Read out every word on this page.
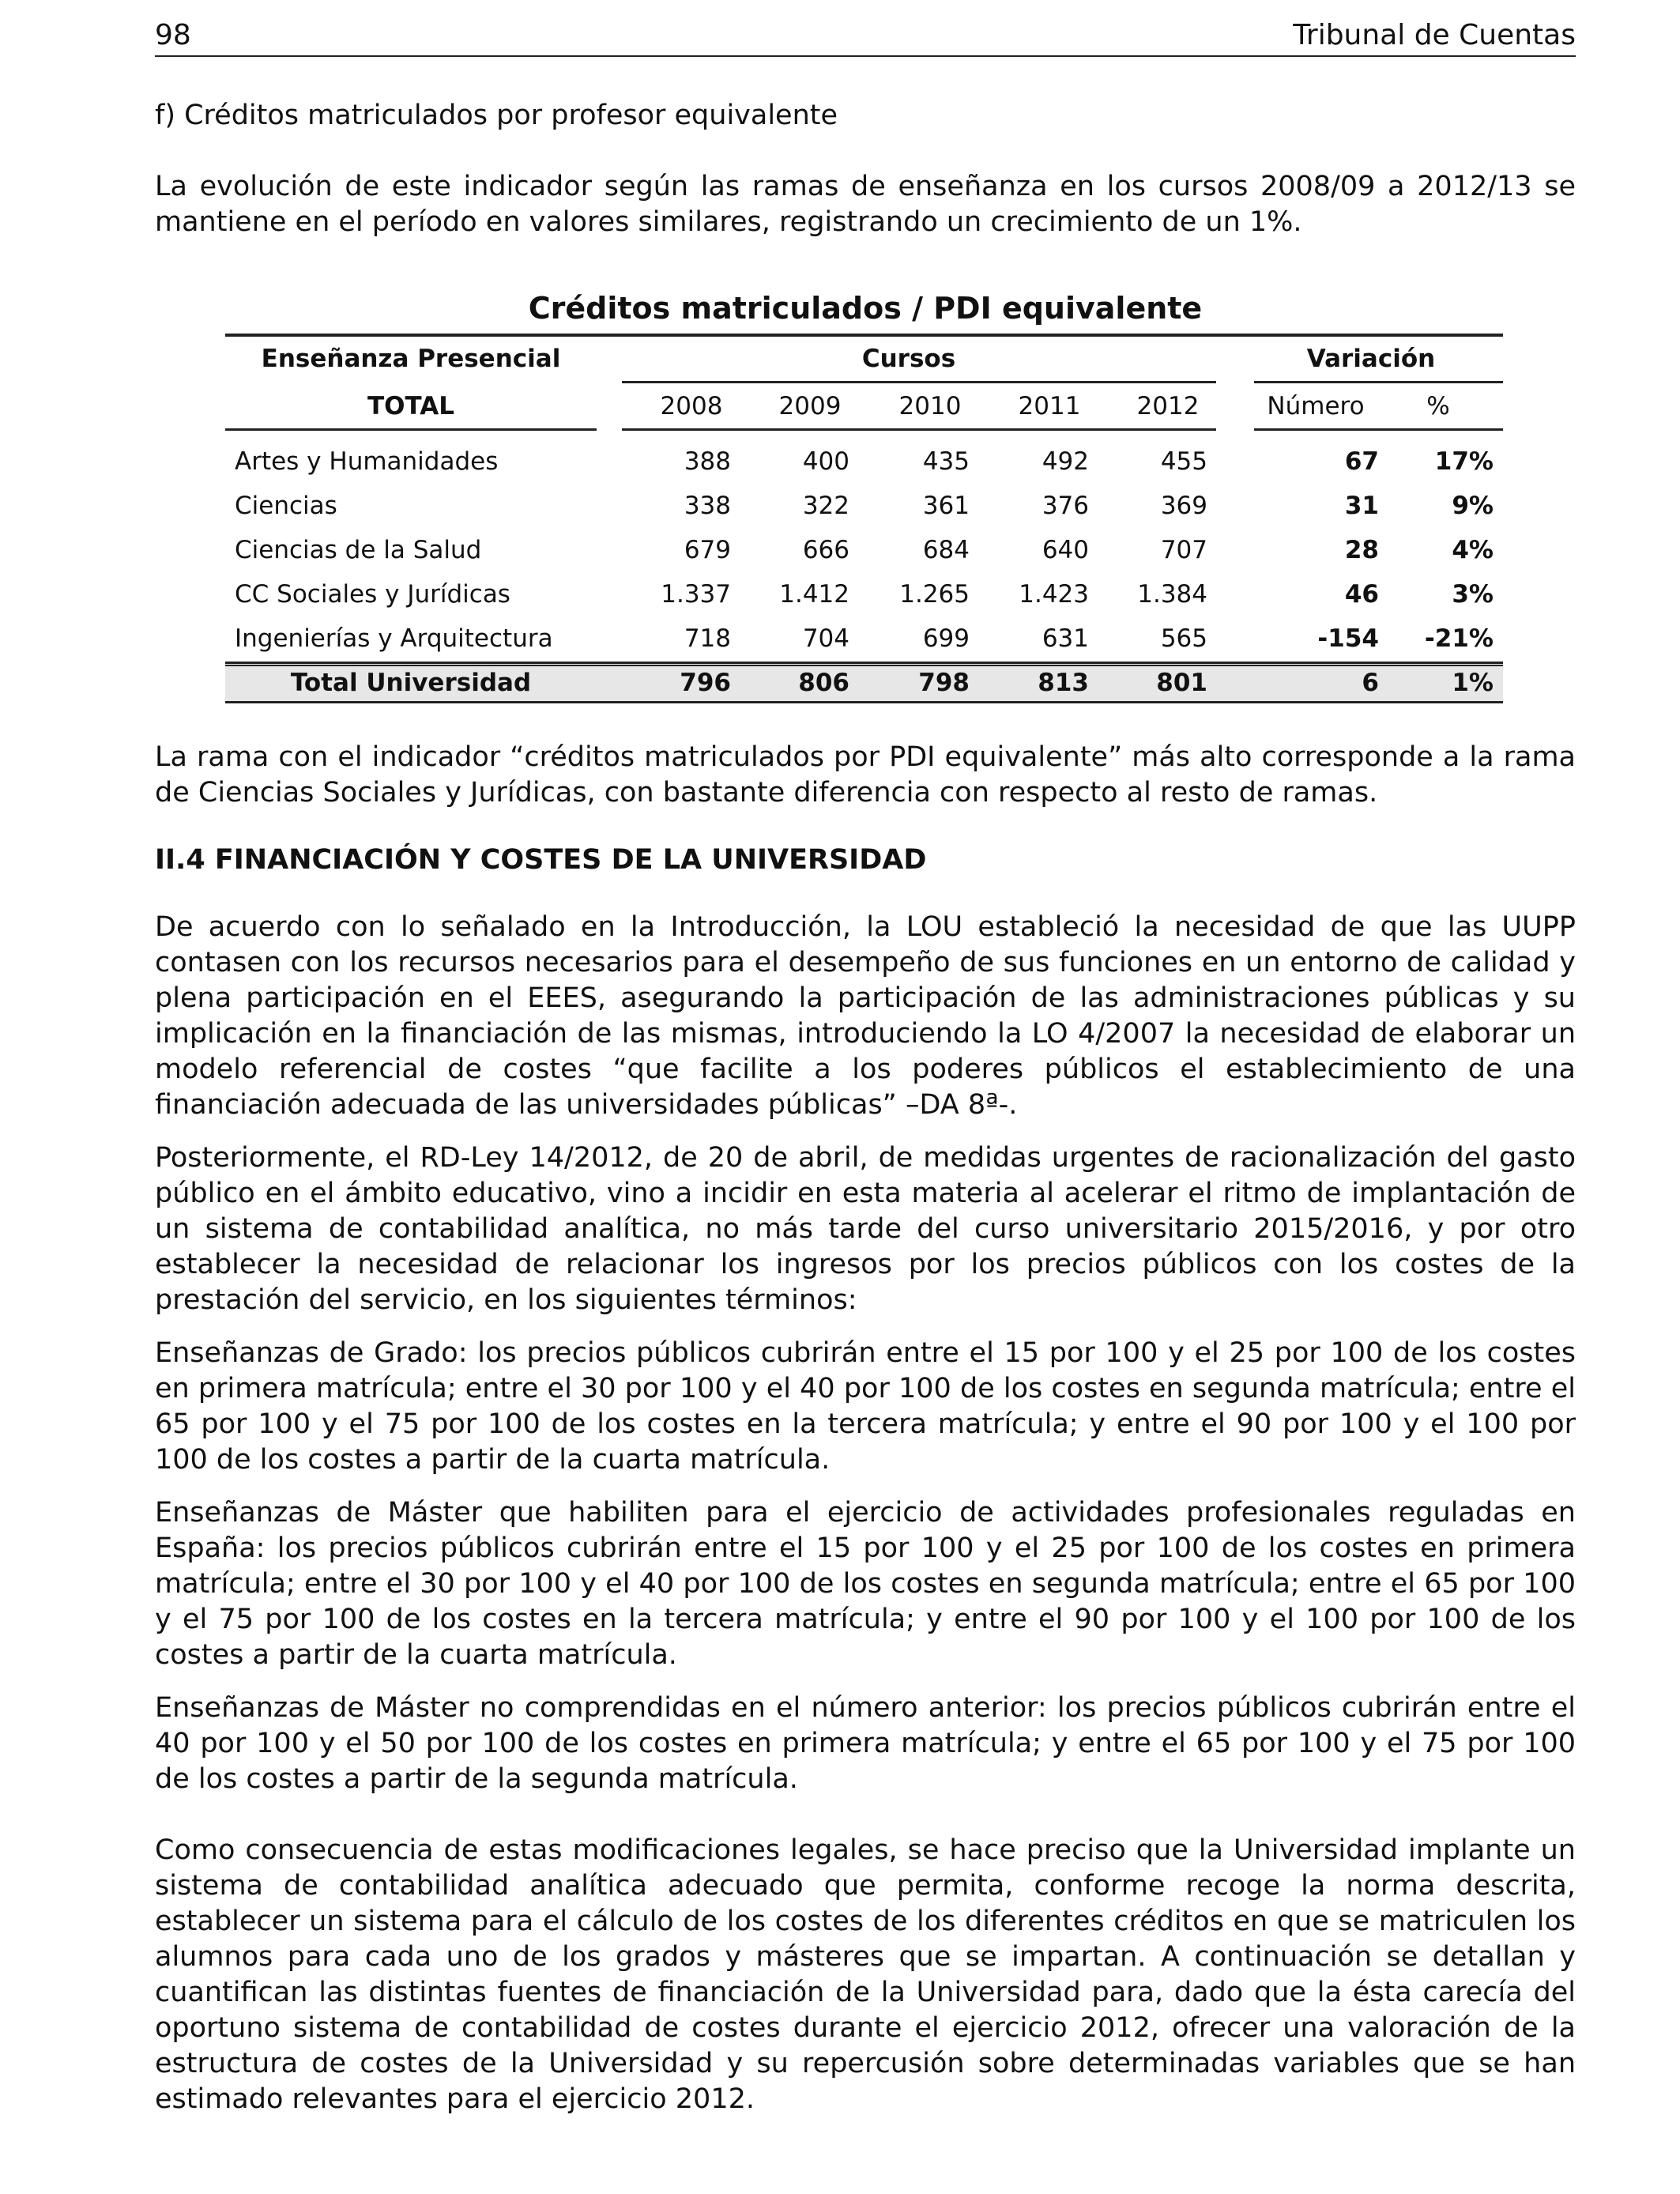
98	Tribunal de Cuentas

f) Créditos matriculados por profesor equivalente

La evolución de este indicador según las ramas de enseñanza en los cursos 2008/09 a 2012/13 se mantiene en el período en valores similares, registrando un crecimiento de un 1%.

Créditos matriculados / PDI equivalente
Enseñanza Presencial	Cursos	Variación
TOTAL	2008	2009	2010	2011	2012	Número	%
Artes y Humanidades	388	400	435	492	455	67	17%
Ciencias	338	322	361	376	369	31	9%
Ciencias de la Salud	679	666	684	640	707	28	4%
CC Sociales y Jurídicas	1.337	1.412	1.265	1.423	1.384	46	3%
Ingenierías y Arquitectura	718	704	699	631	565	-154	-21%
Total Universidad	796	806	798	813	801	6	1%

La rama con el indicador “créditos matriculados por PDI equivalente” más alto corresponde a la rama de Ciencias Sociales y Jurídicas, con bastante diferencia con respecto al resto de ramas.

II.4 FINANCIACIÓN Y COSTES DE LA UNIVERSIDAD

De acuerdo con lo señalado en la Introducción, la LOU estableció la necesidad de que las UUPP contasen con los recursos necesarios para el desempeño de sus funciones en un entorno de calidad y plena participación en el EEES, asegurando la participación de las administraciones públicas y su implicación en la financiación de las mismas, introduciendo la LO 4/2007 la necesidad de elaborar un modelo referencial de costes “que facilite a los poderes públicos el establecimiento de una financiación adecuada de las universidades públicas” –DA 8ª-.

Posteriormente, el RD-Ley 14/2012, de 20 de abril, de medidas urgentes de racionalización del gasto público en el ámbito educativo, vino a incidir en esta materia al acelerar el ritmo de implantación de un sistema de contabilidad analítica, no más tarde del curso universitario 2015/2016, y por otro establecer la necesidad de relacionar los ingresos por los precios públicos con los costes de la prestación del servicio, en los siguientes términos:

Enseñanzas de Grado: los precios públicos cubrirán entre el 15 por 100 y el 25 por 100 de los costes en primera matrícula; entre el 30 por 100 y el 40 por 100 de los costes en segunda matrícula; entre el 65 por 100 y el 75 por 100 de los costes en la tercera matrícula; y entre el 90 por 100 y el 100 por 100 de los costes a partir de la cuarta matrícula.

Enseñanzas de Máster que habiliten para el ejercicio de actividades profesionales reguladas en España: los precios públicos cubrirán entre el 15 por 100 y el 25 por 100 de los costes en primera matrícula; entre el 30 por 100 y el 40 por 100 de los costes en segunda matrícula; entre el 65 por 100 y el 75 por 100 de los costes en la tercera matrícula; y entre el 90 por 100 y el 100 por 100 de los costes a partir de la cuarta matrícula.

Enseñanzas de Máster no comprendidas en el número anterior: los precios públicos cubrirán entre el 40 por 100 y el 50 por 100 de los costes en primera matrícula; y entre el 65 por 100 y el 75 por 100 de los costes a partir de la segunda matrícula.

Como consecuencia de estas modificaciones legales, se hace preciso que la Universidad implante un sistema de contabilidad analítica adecuado que permita, conforme recoge la norma descrita, establecer un sistema para el cálculo de los costes de los diferentes créditos en que se matriculen los alumnos para cada uno de los grados y másteres que se impartan. A continuación se detallan y cuantifican las distintas fuentes de financiación de la Universidad para, dado que la ésta carecía del oportuno sistema de contabilidad de costes durante el ejercicio 2012, ofrecer una valoración de la estructura de costes de la Universidad y su repercusión sobre determinadas variables que se han estimado relevantes para el ejercicio 2012.
